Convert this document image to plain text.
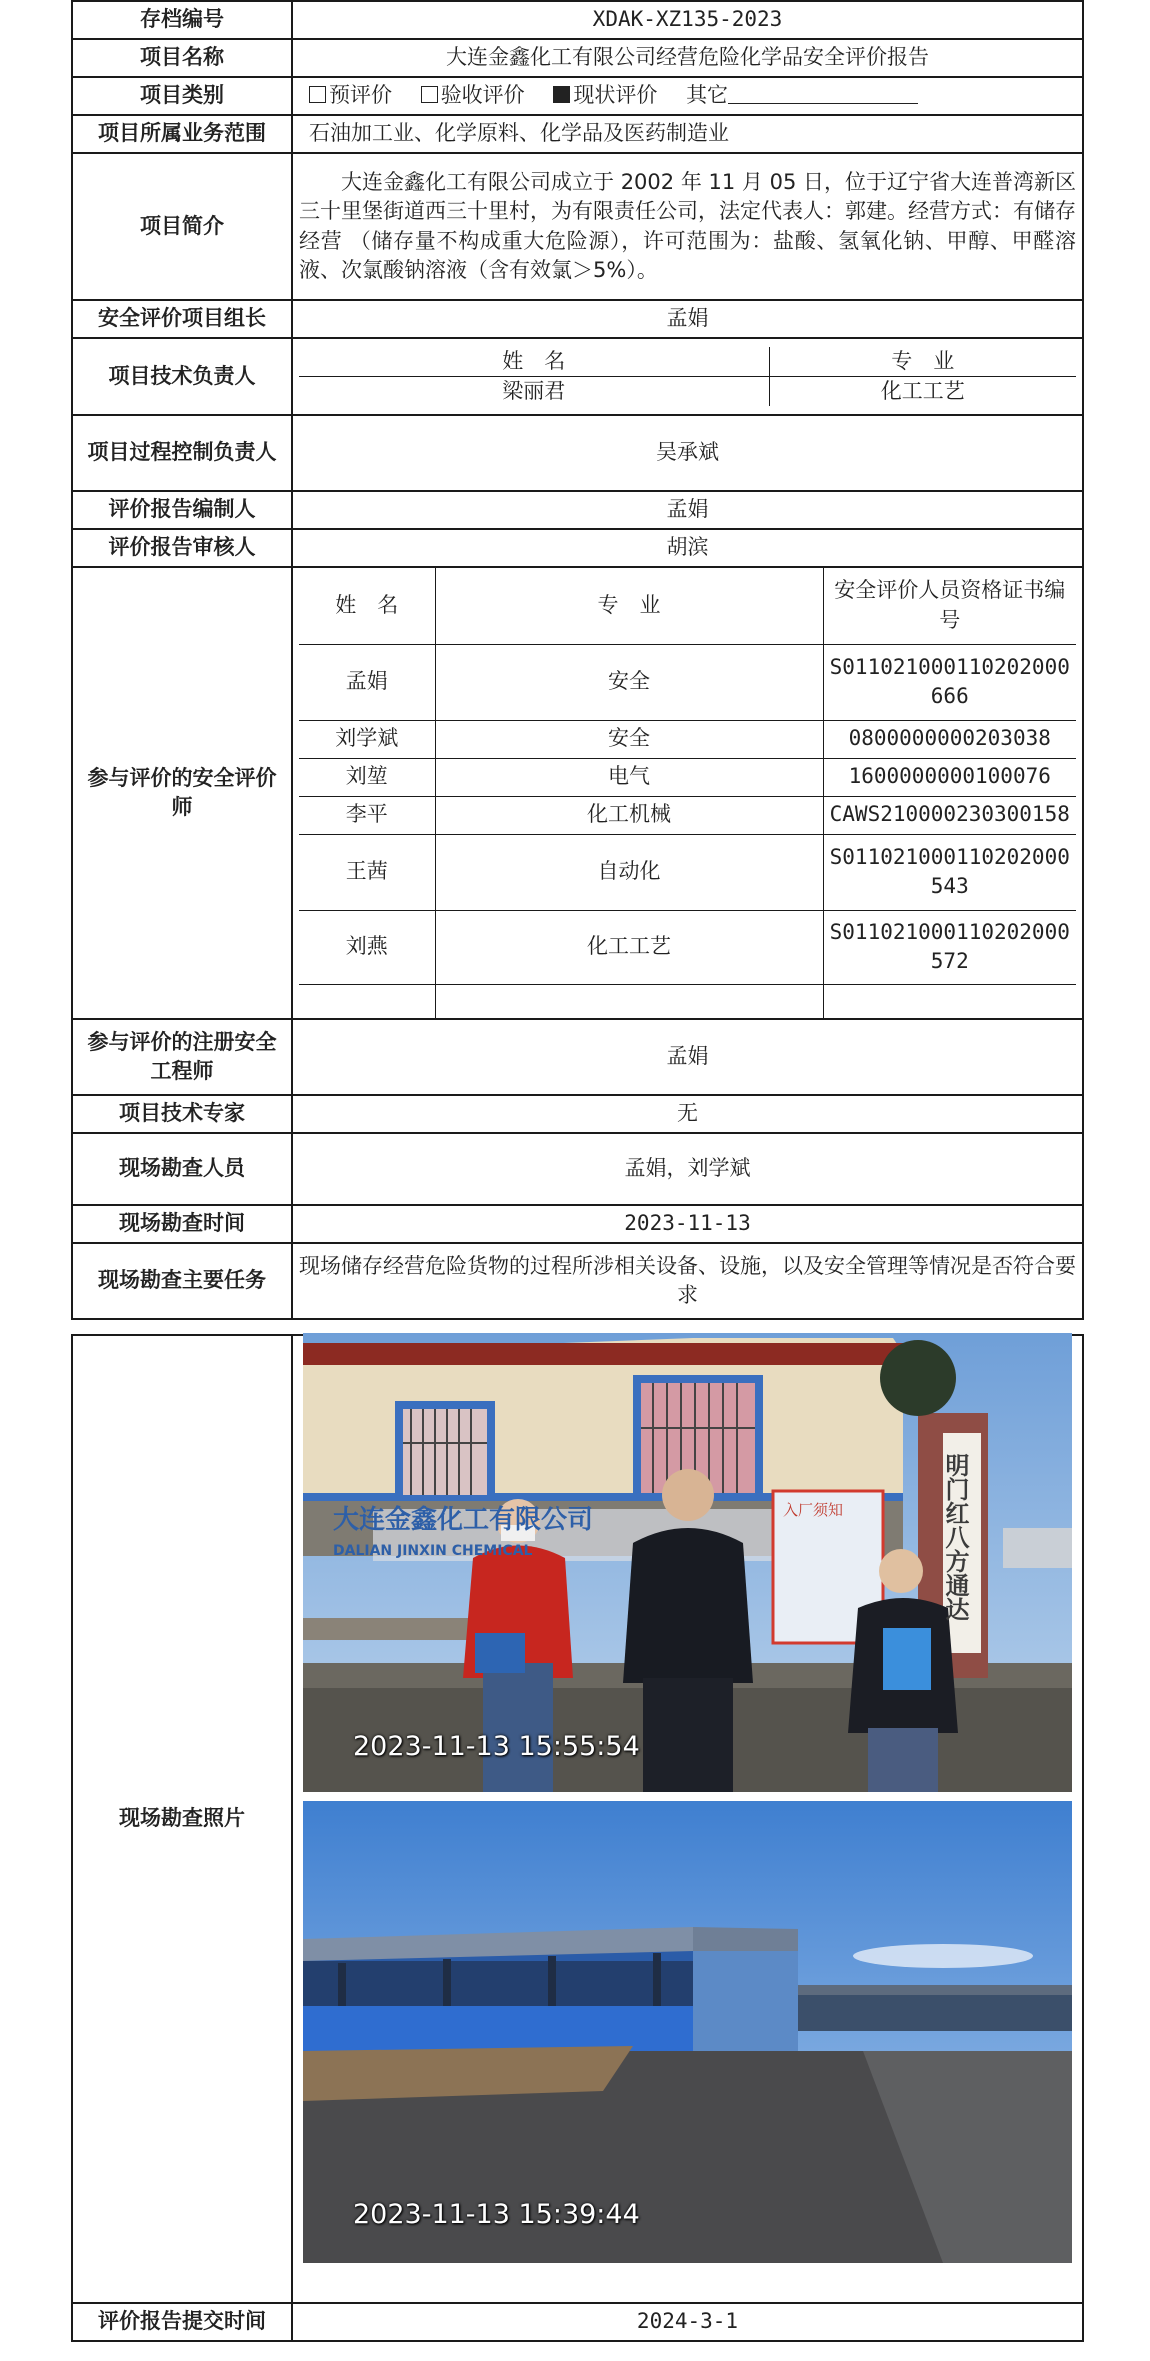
存档编号	XDAK-XZ135-2023
项目名称	大连金鑫化工有限公司经营危险化学品安全评价报告
项目类别	预评价 验收评价 现状评价 其它
项目所属业务范围	石油加工业、化学原料、化学品及医药制造业
项目简介	大连金鑫化工有限公司成立于 2002 年 11 月 05 日，位于辽宁省大连普湾新区三十里堡街道西三十里村，为有限责任公司，法定代表人：郭建。经营方式：有储存经营 （储存量不构成重大危险源），许可范围为：盐酸、氢氧化钠、甲醇、甲醛溶液、次氯酸钠溶液（含有效氯＞5%）。
安全评价项目组长	孟娟
项目技术负责人	
姓　名	专　业
梁丽君	化工工艺

项目过程控制负责人	吴承斌
评价报告编制人	孟娟
评价报告审核人	胡滨
参与评价的安全评价师	
姓　名	专　业	安全评价人员资格证书编号
孟娟	安全	S011021000110202000666
刘学斌	安全	0800000000203038
刘堃	电气	1600000000100076
李平	化工机械	CAWS210000230300158
王茜	自动化	S011021000110202000543
刘燕	化工工艺	S011021000110202000572

参与评价的注册安全工程师	孟娟
项目技术专家	无
现场勘查人员	孟娟，刘学斌
现场勘查时间	2023-11-13
现场勘查主要任务	现场储存经营危险货物的过程所涉相关设备、设施，以及安全管理等情况是否符合要求

现场勘查照片	
评价报告提交时间	2024-3-1
大连金鑫化工有限公司
DALIAN JINXIN CHEMICAL
入厂须知	明门红八方通达
2023-11-13 15:55:54
2023-11-13 15:39:44
